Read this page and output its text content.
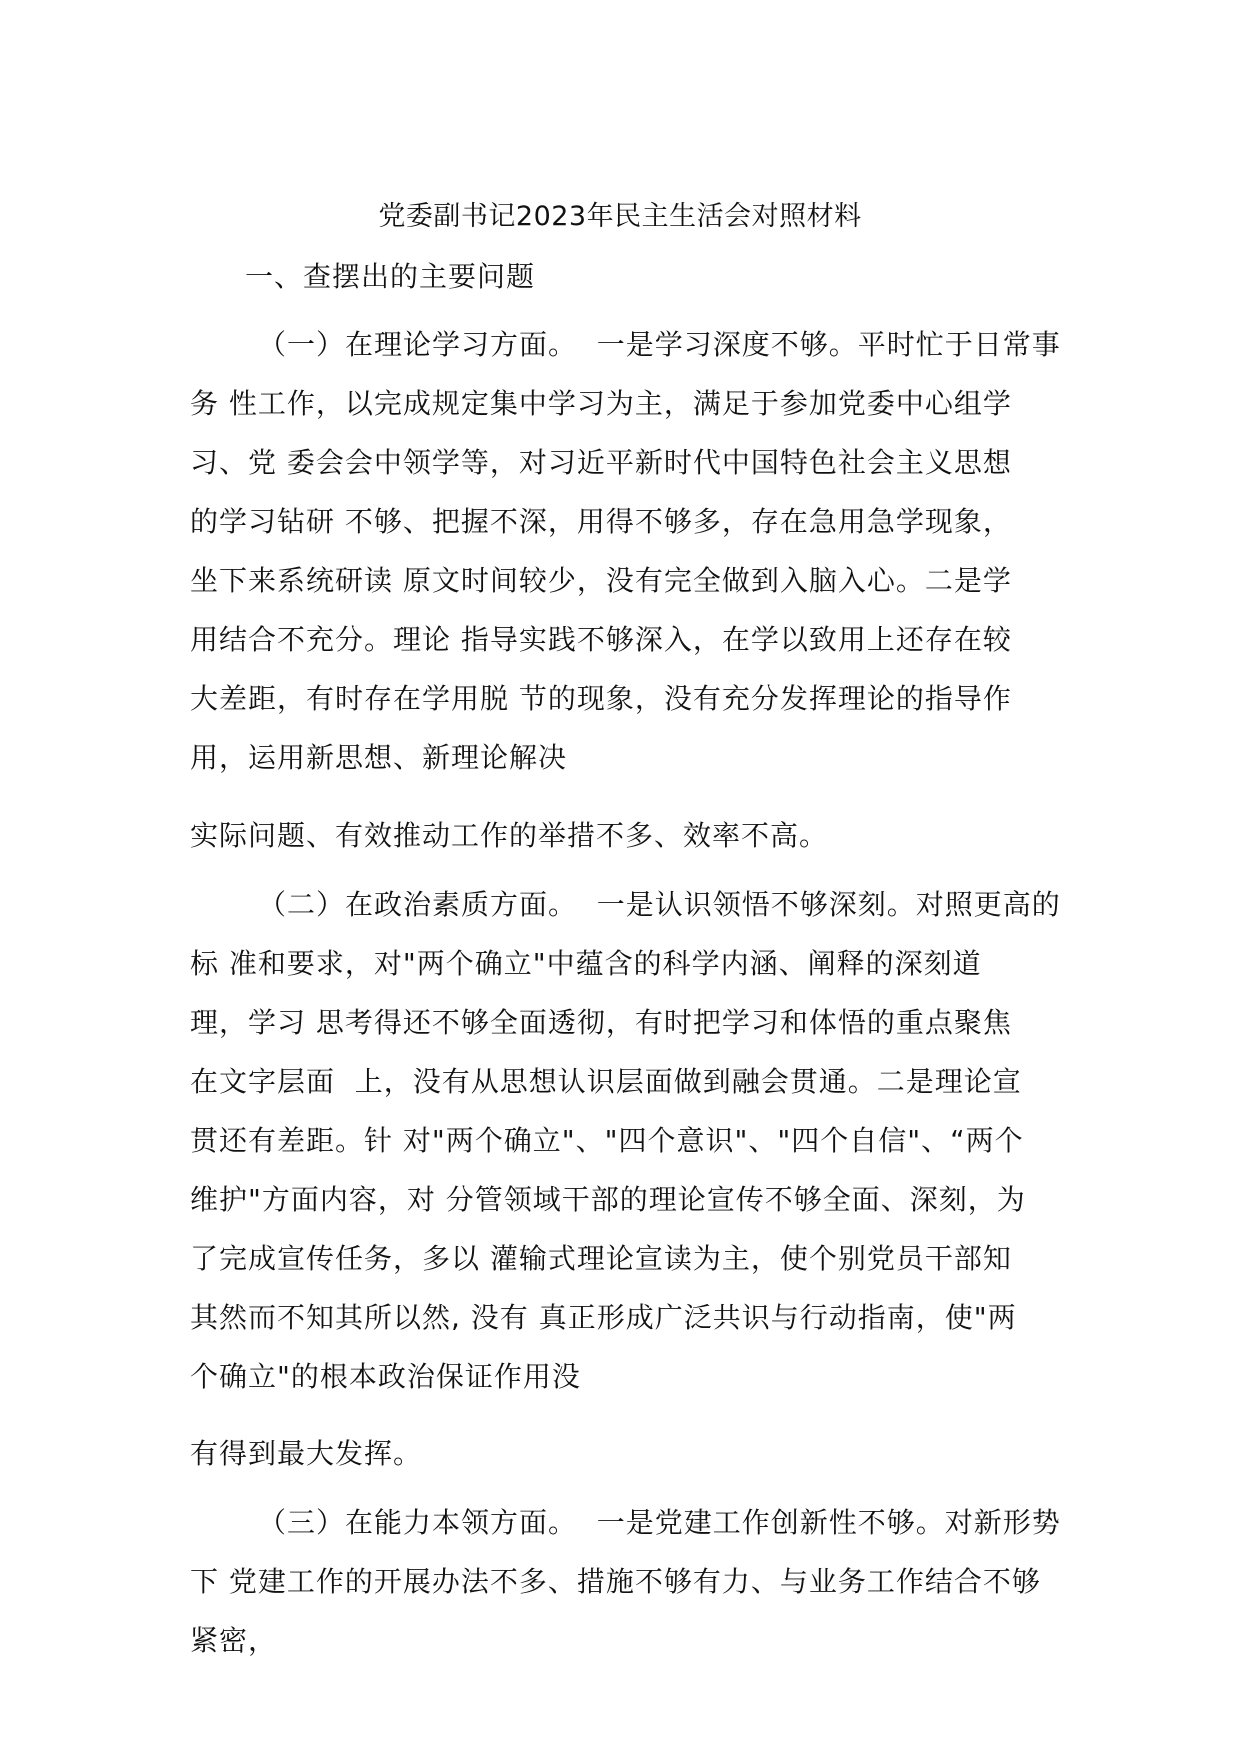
党委副书记2023年民主生活会对照材料
一、查摆出的主要问题
（一）在理论学习方面。  一是学习深度不够。平时忙于日常事
务 性工作，以完成规定集中学习为主，满足于参加党委中心组学
习、党 委会会中领学等，对习近平新时代中国特色社会主义思想
的学习钻研 不够、把握不深，用得不够多，存在急用急学现象，
坐下来系统研读 原文时间较少，没有完全做到入脑入心。二是学
用结合不充分。理论 指导实践不够深入，在学以致用上还存在较
大差距，有时存在学用脱 节的现象，没有充分发挥理论的指导作
用，运用新思想、新理论解决
实际问题、有效推动工作的举措不多、效率不高。
（二）在政治素质方面。  一是认识领悟不够深刻。对照更高的
标 准和要求，对"两个确立"中蕴含的科学内涵、阐释的深刻道
理，学习 思考得还不够全面透彻，有时把学习和体悟的重点聚焦
在文字层面  上，没有从思想认识层面做到融会贯通。二是理论宣
贯还有差距。针 对"两个确立"、"四个意识"、"四个自信"、“两个
维护"方面内容，对 分管领域干部的理论宣传不够全面、深刻，为
了完成宣传任务，多以 灌输式理论宣读为主，使个别党员干部知
其然而不知其所以然, 没有 真正形成广泛共识与行动指南，使"两
个确立"的根本政治保证作用没
有得到最大发挥。
（三）在能力本领方面。  一是党建工作创新性不够。对新形势
下 党建工作的开展办法不多、措施不够有力、与业务工作结合不够
紧密，
